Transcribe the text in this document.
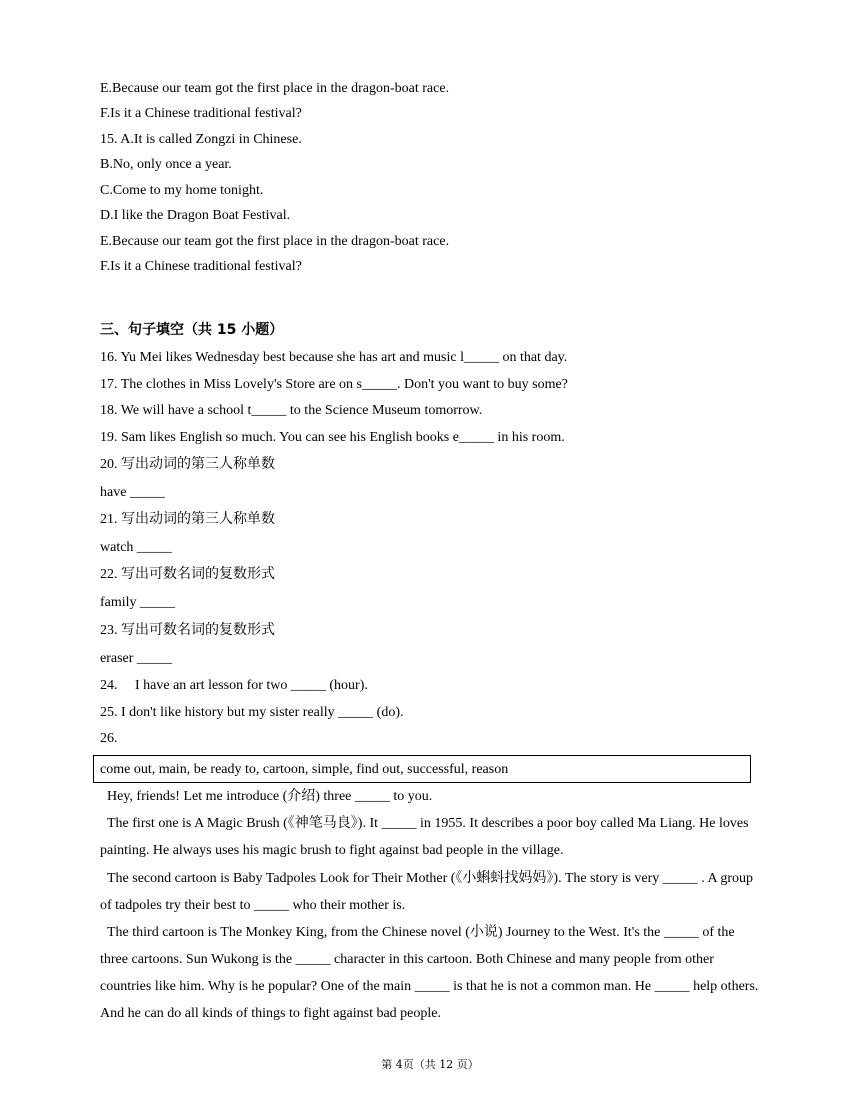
E.Because our team got the first place in the dragon-boat race.
F.Is it a Chinese traditional festival?
15. A.It is called Zongzi in Chinese.
B.No, only once a year.
C.Come to my home tonight.
D.I like the Dragon Boat Festival.
E.Because our team got the first place in the dragon-boat race.
F.Is it a Chinese traditional festival?
三、句子填空（共 15 小题）
16. Yu Mei likes Wednesday best because she has art and music l_____ on that day.
17. The clothes in Miss Lovely's Store are on s_____. Don't you want to buy some?
18. We will have a school t_____ to the Science Museum tomorrow.
19. Sam likes English so much. You can see his English books e_____ in his room.
20. 写出动词的第三人称单数
have _____
21. 写出动词的第三人称单数
watch _____
22. 写出可数名词的复数形式
family _____
23. 写出可数名词的复数形式
eraser _____
24.     I have an art lesson for two _____ (hour).
25. I don't like history but my sister really _____ (do).
26.
come out, main, be ready to, cartoon, simple, find out, successful, reason
Hey, friends! Let me introduce (介绍) three _____ to you.
The first one is A Magic Brush (《神笔马良》). It _____ in 1955. It describes a poor boy called Ma Liang. He loves painting. He always uses his magic brush to fight against bad people in the village.
The second cartoon is Baby Tadpoles Look for Their Mother (《小蝌蚪找妈妈》). The story is very _____ . A group of tadpoles try their best to _____ who their mother is.
The third cartoon is The Monkey King, from the Chinese novel (小说) Journey to the West. It's the _____ of the three cartoons. Sun Wukong is the _____ character in this cartoon. Both Chinese and many people from other countries like him. Why is he popular? One of the main _____ is that he is not a common man. He _____ help others. And he can do all kinds of things to fight against bad people.
第 4页（共 12 页）
